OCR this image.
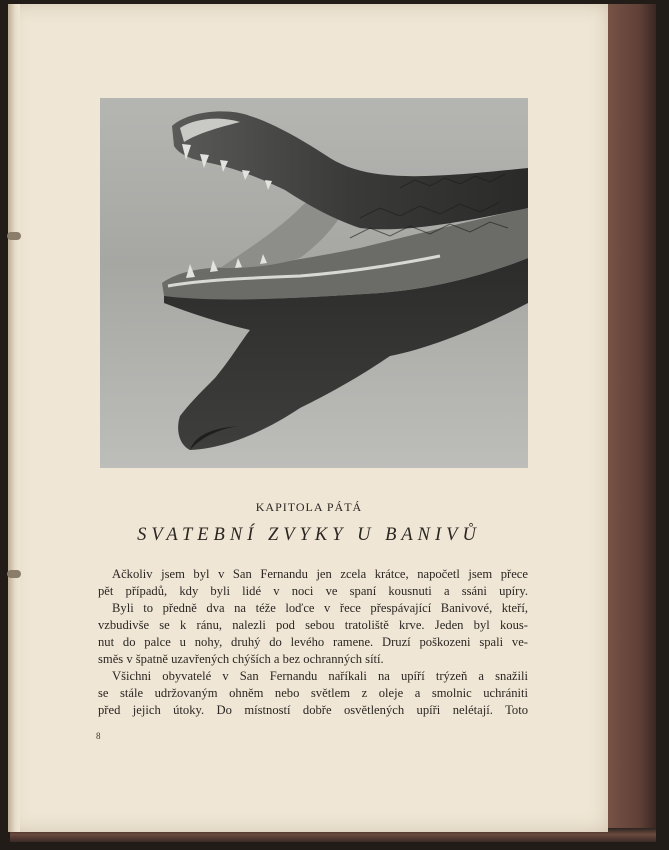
KAPITOLA PÁTÁ
SVATEBNÍ ZVYKY U BANIVŮ
Ačkoliv jsem byl v San Fernandu jen zcela krátce, napočetl jsem přece
pět případů, kdy byli lidé v noci ve spaní kousnuti a ssáni upíry.
Byli to předně dva na téže loďce v řece přespávající Banivové, kteří,
vzbudivše se k ránu, nalezli pod sebou tratoliště krve. Jeden byl kous-
nut do palce u nohy, druhý do levého ramene. Druzí poškozeni spali ve-
směs v špatně uzavřených chýších a bez ochranných sítí.
Všichni obyvatelé v San Fernandu naříkali na upíří trýzeň a snažili
se stále udržovaným ohněm nebo světlem z oleje a smolnic uchrániti
před jejich útoky. Do místností dobře osvětlených upíři nelétají. Toto
8
